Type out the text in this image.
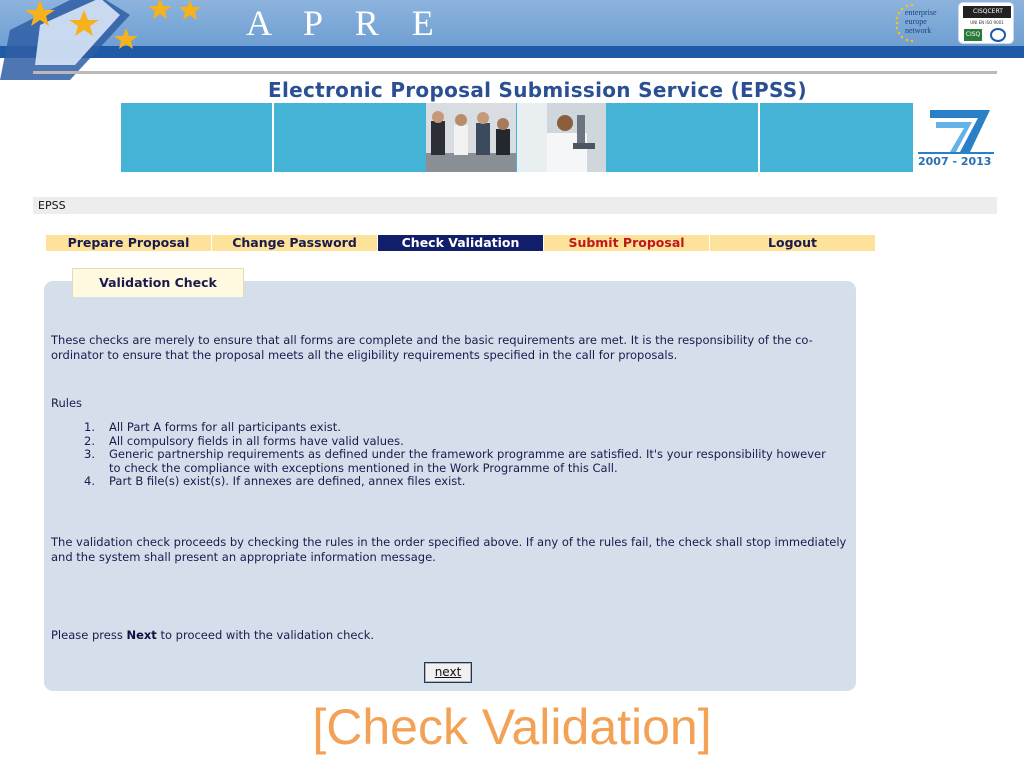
A P R E	enterprise
europe
network
CISQCERT
UNI EN ISO 9001
CISQ
Electronic Proposal Submission Service (EPSS)
2007 - 2013
EPSS
Prepare Proposal	Change Password	Check Validation	Submit Proposal	Logout
Validation Check
These checks are merely to ensure that all forms are complete and the basic requirements are met. It is the responsibility of the co-ordinator to ensure that the proposal meets all the eligibility requirements specified in the call for proposals.
Rules
1. All Part A forms for all participants exist.
2. All compulsory fields in all forms have valid values.
3. Generic partnership requirements as defined under the framework programme are satisfied. It's your responsibility however to check the compliance with exceptions mentioned in the Work Programme of this Call.
4. Part B file(s) exist(s). If annexes are defined, annex files exist.
The validation check proceeds by checking the rules in the order specified above. If any of the rules fail, the check shall stop immediately and the system shall present an appropriate information message.
Please press Next to proceed with the validation check.
next
[Check Validation]
